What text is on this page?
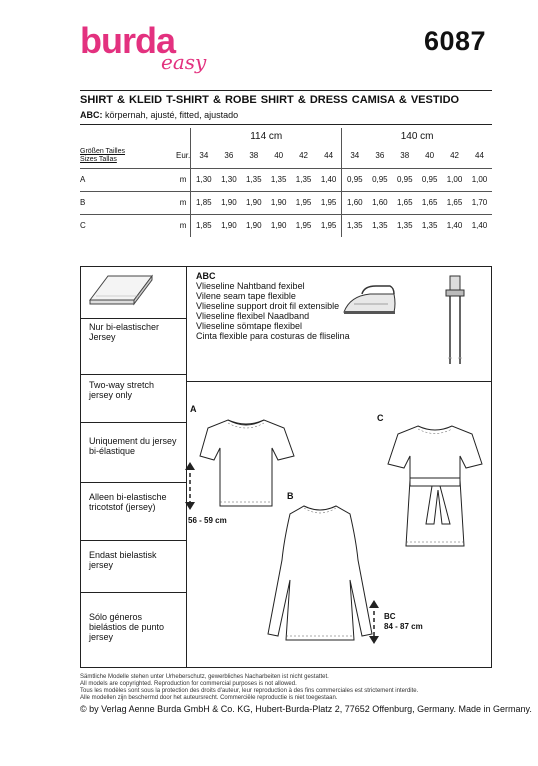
burda
easy
6087
SHIRT & KLEID T-SHIRT & ROBE SHIRT & DRESS CAMISA & VESTIDO
ABC: körpernah, ajusté, fitted, ajustado
		114 cm						140 cm					

Größen Tailles
Sizes Tallas	Eur.	34	36	38	40	42	44	34	36	38	40	42	44
A	m	1,30	1,30	1,35	1,35	1,35	1,40	0,95	0,95	0,95	0,95	1,00	1,00
B	m	1,85	1,90	1,90	1,90	1,95	1,95	1,60	1,60	1,65	1,65	1,65	1,70
C	m	1,85	1,90	1,90	1,90	1,95	1,95	1,35	1,35	1,35	1,35	1,40	1,40
Nur bi-elastischer Jersey
Two-way stretch jersey only
Uniquement du jersey bi-élastique
Alleen bi-elastische tricotstof (jersey)
Endast bielastisk jersey
Sólo géneros bielástios de punto jersey
ABC
Vlieseline Nahtband fexibel
Vilene seam tape flexible
Vlieseline support droit fil extensible
Vlieseline flexibel Naadband
Vlieseline sömtape flexibel
Cinta flexible para costuras de fliselina
A
B
C
56 - 59 cm
BC
84 - 87 cm
Sämtliche Modelle stehen unter Urheberschutz, gewerbliches Nacharbeiten ist nicht gestattet.
All models are copyrighted. Reproduction for commercial purposes is not allowed.
Tous les modèles sont sous la protection des droits d'auteur, leur reproduction à des fins commerciales est strictement interdite.
Alle modellen zijn beschermd door het auteursrecht. Commerciële reproductie is niet toegestaan.
© by Verlag Aenne Burda GmbH & Co. KG, Hubert-Burda-Platz 2, 77652 Offenburg, Germany. Made in Germany.
